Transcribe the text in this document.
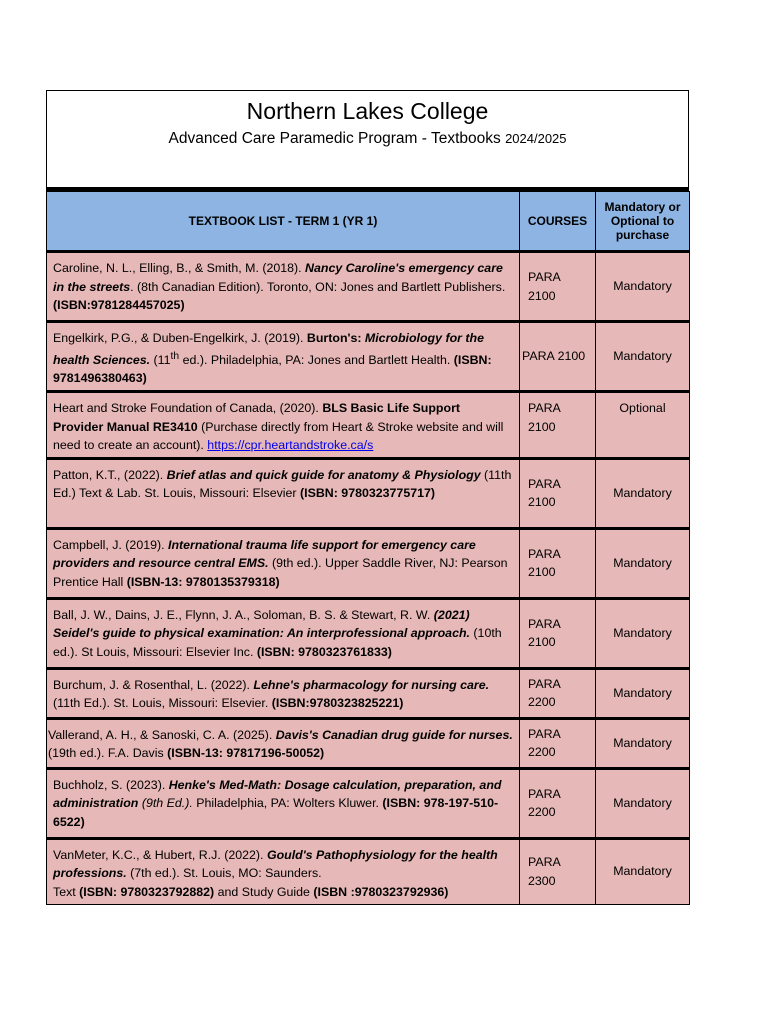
Northern Lakes College
Advanced Care Paramedic Program - Textbooks 2024/2025
TEXTBOOK LIST - TERM 1 (YR 1)	COURSES	Mandatory or Optional to purchase
Caroline, N. L., Elling, B., & Smith, M. (2018). Nancy Caroline's emergency care in the streets. (8th Canadian Edition). Toronto, ON: Jones and Bartlett Publishers. (ISBN:9781284457025)	PARA 2100	Mandatory
Engelkirk, P.G., & Duben-Engelkirk, J. (2019). Burton's: Microbiology for the health Sciences. (11th ed.). Philadelphia, PA: Jones and Bartlett Health. (ISBN: 9781496380463)	PARA 2100	Mandatory
Heart and Stroke Foundation of Canada, (2020). BLS Basic Life Support Provider Manual RE3410 (Purchase directly from Heart & Stroke website and will need to create an account). https://cpr.heartandstroke.ca/s	PARA 2100	Optional
Patton, K.T., (2022). Brief atlas and quick guide for anatomy & Physiology (11th Ed.) Text & Lab. St. Louis, Missouri: Elsevier (ISBN: 9780323775717)	PARA 2100	Mandatory
Campbell, J. (2019). International trauma life support for emergency care providers and resource central EMS. (9th ed.). Upper Saddle River, NJ: Pearson Prentice Hall (ISBN-13: 9780135379318)	PARA 2100	Mandatory
Ball, J. W., Dains, J. E., Flynn, J. A., Soloman, B. S. & Stewart, R. W. (2021) Seidel's guide to physical examination: An interprofessional approach. (10th ed.). St Louis, Missouri: Elsevier Inc. (ISBN: 9780323761833)	PARA 2100	Mandatory
Burchum, J. & Rosenthal, L. (2022). Lehne's pharmacology for nursing care. (11th Ed.). St. Louis, Missouri: Elsevier. (ISBN:9780323825221)	PARA 2200	Mandatory
Vallerand, A. H., & Sanoski, C. A. (2025). Davis's Canadian drug guide for nurses. (19th ed.). F.A. Davis (ISBN-13: 97817196-50052)	PARA 2200	Mandatory
Buchholz, S. (2023). Henke's Med-Math: Dosage calculation, preparation, and administration (9th Ed.). Philadelphia, PA: Wolters Kluwer. (ISBN: 978-197-510-6522)	PARA 2200	Mandatory
VanMeter, K.C., & Hubert, R.J. (2022). Gould's Pathophysiology for the health professions. (7th ed.). St. Louis, MO: Saunders.
Text (ISBN: 9780323792882) and Study Guide (ISBN :9780323792936)	PARA 2300	Mandatory
